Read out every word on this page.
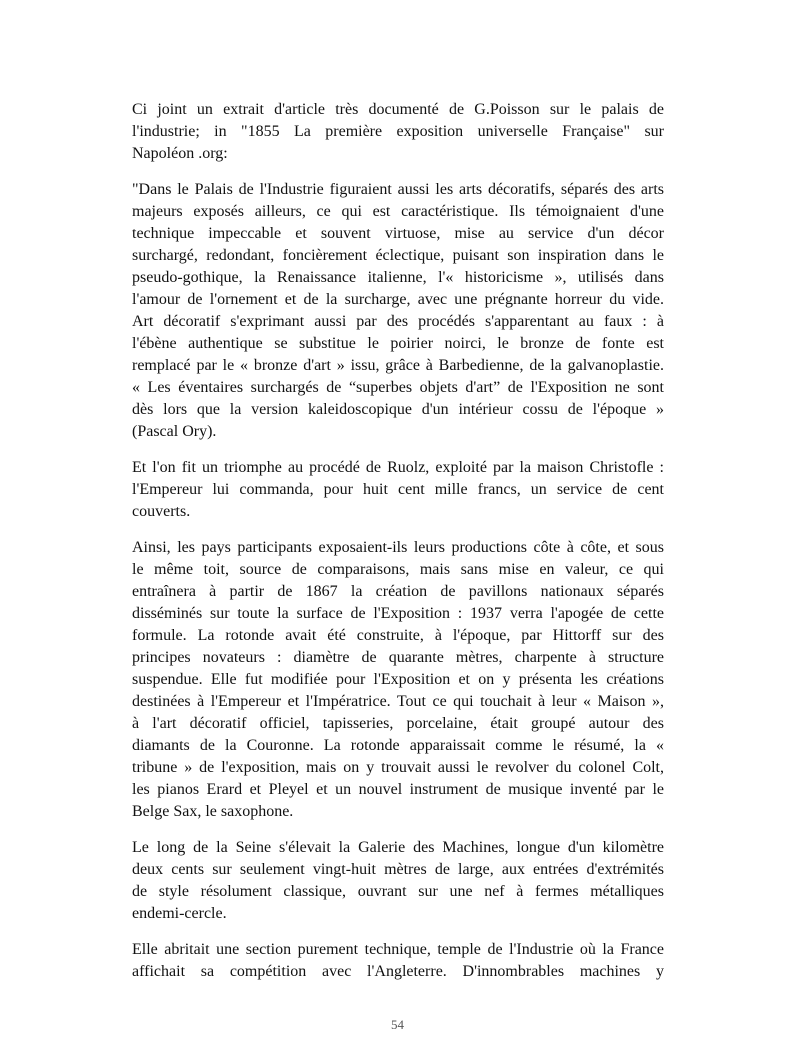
Ci joint un extrait d'article très documenté de G.Poisson sur le palais de
l'industrie; in "1855 La première exposition universelle Française" sur
Napoléon .org:
"Dans le Palais de l'Industrie figuraient aussi les arts décoratifs, séparés des arts
majeurs exposés ailleurs, ce qui est caractéristique. Ils témoignaient d'une
technique impeccable et souvent virtuose, mise au service d'un décor
surchargé, redondant, foncièrement éclectique, puisant son inspiration dans le
pseudo-gothique, la Renaissance italienne, l'« historicisme », utilisés dans
l'amour de l'ornement et de la surcharge, avec une prégnante horreur du vide.
Art décoratif s'exprimant aussi par des procédés s'apparentant au faux : à
l'ébène authentique se substitue le poirier noirci, le bronze de fonte est
remplacé par le « bronze d'art » issu, grâce à Barbedienne, de la galvanoplastie.
« Les éventaires surchargés de “superbes objets d'art” de l'Exposition ne sont
dès lors que la version kaleidoscopique d'un intérieur cossu de l'époque »
(Pascal Ory).
Et l'on fit un triomphe au procédé de Ruolz, exploité par la maison Christofle :
l'Empereur lui commanda, pour huit cent mille francs, un service de cent
couverts.
Ainsi, les pays participants exposaient-ils leurs productions côte à côte, et sous
le même toit, source de comparaisons, mais sans mise en valeur, ce qui
entraînera à partir de 1867 la création de pavillons nationaux séparés
disséminés sur toute la surface de l'Exposition : 1937 verra l'apogée de cette
formule. La rotonde avait été construite, à l'époque, par Hittorff sur des
principes novateurs : diamètre de quarante mètres, charpente à structure
suspendue. Elle fut modifiée pour l'Exposition et on y présenta les créations
destinées à l'Empereur et l'Impératrice. Tout ce qui touchait à leur « Maison »,
à l'art décoratif officiel, tapisseries, porcelaine, était groupé autour des
diamants de la Couronne. La rotonde apparaissait comme le résumé, la «
tribune » de l'exposition, mais on y trouvait aussi le revolver du colonel Colt,
les pianos Erard et Pleyel et un nouvel instrument de musique inventé par le
Belge Sax, le saxophone.
Le long de la Seine s'élevait la Galerie des Machines, longue d'un kilomètre
deux cents sur seulement vingt-huit mètres de large, aux entrées d'extrémités
de style résolument classique, ouvrant sur une nef à fermes métalliques
endemi-cercle.
Elle abritait une section purement technique, temple de l'Industrie où la France
affichait sa compétition avec l'Angleterre. D'innombrables machines y
54
